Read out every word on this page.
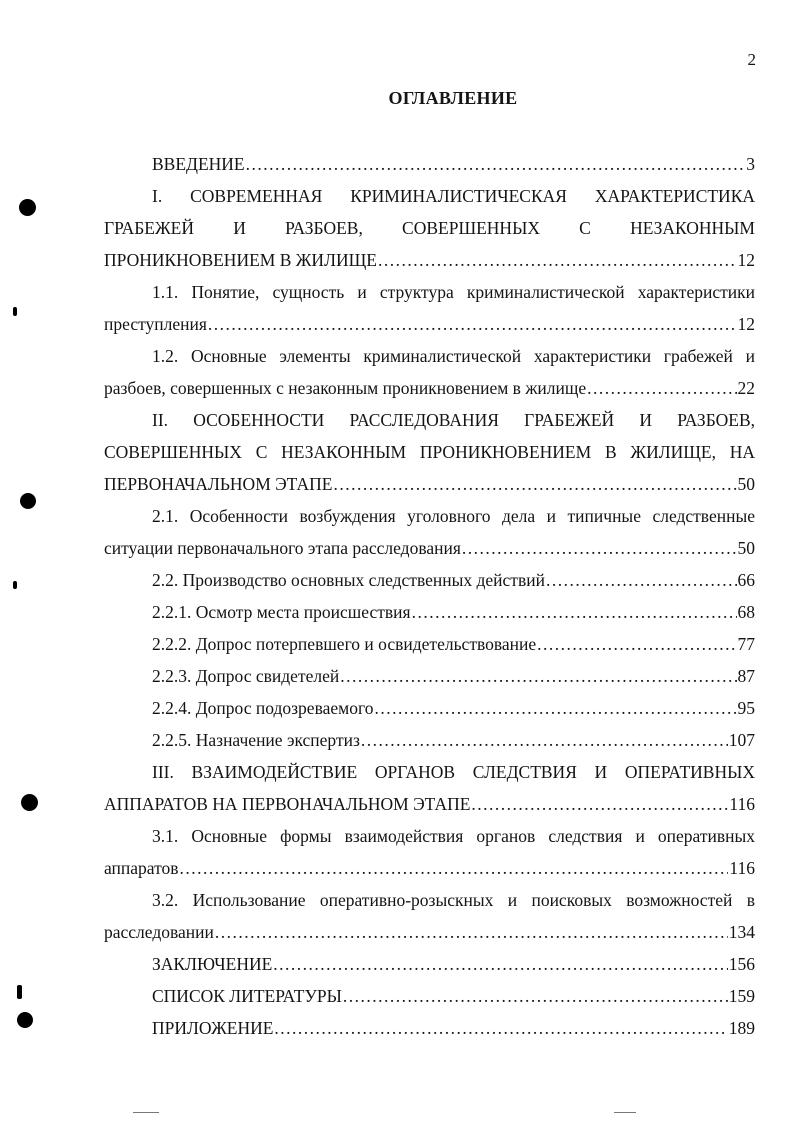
2
ОГЛАВЛЕНИЕ
ВВЕДЕНИЕ .....	3
I. СОВРЕМЕННАЯ КРИМИНАЛИСТИЧЕСКАЯ ХАРАКТЕРИСТИКА
ГРАБЕЖЕЙ И РАЗБОЕВ, СОВЕРШЕННЫХ С НЕЗАКОННЫМ
ПРОНИКНОВЕНИЕМ В ЖИЛИЩЕ .....	12
1.1. Понятие, сущность и структура криминалистической характеристики
преступления .....	12
1.2. Основные элементы криминалистической характеристики грабежей и
разбоев, совершенных с незаконным проникновением в жилище .....	22
II. ОСОБЕННОСТИ РАССЛЕДОВАНИЯ ГРАБЕЖЕЙ И РАЗБОЕВ,
СОВЕРШЕННЫХ С НЕЗАКОННЫМ ПРОНИКНОВЕНИЕМ В ЖИЛИЩЕ, НА
ПЕРВОНАЧАЛЬНОМ ЭТАПЕ .....	50
2.1. Особенности возбуждения уголовного дела и типичные следственные
ситуации первоначального этапа расследования .....	50
2.2. Производство основных следственных действий .....	66
2.2.1. Осмотр места происшествия .....	68
2.2.2. Допрос потерпевшего и освидетельствование .....	77
2.2.3. Допрос свидетелей .....	87
2.2.4. Допрос подозреваемого .....	95
2.2.5. Назначение экспертиз .....	107
III. ВЗАИМОДЕЙСТВИЕ ОРГАНОВ СЛЕДСТВИЯ И ОПЕРАТИВНЫХ
АППАРАТОВ НА ПЕРВОНАЧАЛЬНОМ ЭТАПЕ .....	116
3.1. Основные формы взаимодействия органов следствия и оперативных
аппаратов .....	116
3.2. Использование оперативно-розыскных и поисковых возможностей в
расследовании .....	134
ЗАКЛЮЧЕНИЕ .....	156
СПИСОК ЛИТЕРАТУРЫ .....	159
ПРИЛОЖЕНИЕ .....	189
